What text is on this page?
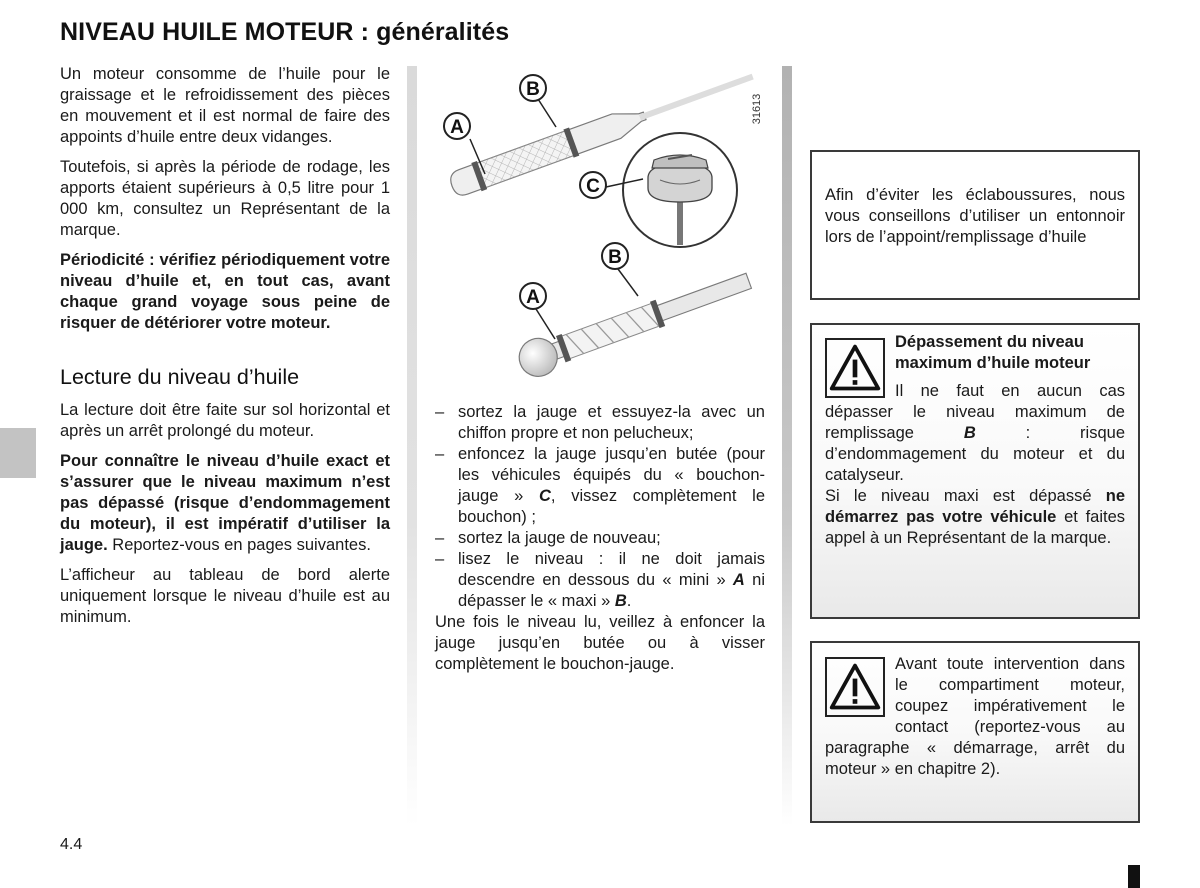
NIVEAU HUILE MOTEUR : généralités

Un moteur consomme de l’huile pour le graissage et le refroidissement des pièces en mouvement et il est normal de faire des appoints d’huile entre deux vidanges.

Toutefois, si après la période de rodage, les apports étaient supérieurs à 0,5 litre pour 1 000 km, consultez un Représentant de la marque.

Périodicité : vérifiez périodiquement votre niveau d’huile et, en tout cas, avant chaque grand voyage sous peine de risquer de détériorer votre moteur.

Lecture du niveau d’huile

La lecture doit être faite sur sol horizontal et après un arrêt prolongé du moteur.

Pour connaître le niveau d’huile exact et s’assurer que le niveau maximum n’est pas dépassé (risque d’endommagement du moteur), il est impératif d’utiliser la jauge. Reportez-vous en pages suivantes.

L’afficheur au tableau de bord alerte uniquement lorsque le niveau d’huile est au minimum.

B
A
C
B
A
31613
– sortez la jauge et essuyez-la avec un chiffon propre et non pelucheux;
– enfoncez la jauge jusqu’en butée (pour les véhicules équipés du « bouchon-jauge » C, vissez complètement le bouchon) ;
– sortez la jauge de nouveau;
– lisez le niveau : il ne doit jamais descendre en dessous du « mini » A ni dépasser le « maxi » B.
Une fois le niveau lu, veillez à enfoncer la jauge jusqu’en butée ou à visser complètement le bouchon-jauge.

Afin d’éviter les éclaboussures, nous vous conseillons d’utiliser un entonnoir lors de l’appoint/remplissage d’huile

Dépassement du niveau maximum d’huile moteur

Il ne faut en aucun cas dépasser le niveau maximum de remplissage B : risque d’endommagement du moteur et du catalyseur.

Si le niveau maxi est dépassé ne démarrez pas votre véhicule et faites appel à un Représentant de la marque.

Avant toute intervention dans le compartiment moteur, coupez impérativement le contact (reportez-vous au paragraphe « démarrage, arrêt du moteur » en chapitre 2).

4.4
